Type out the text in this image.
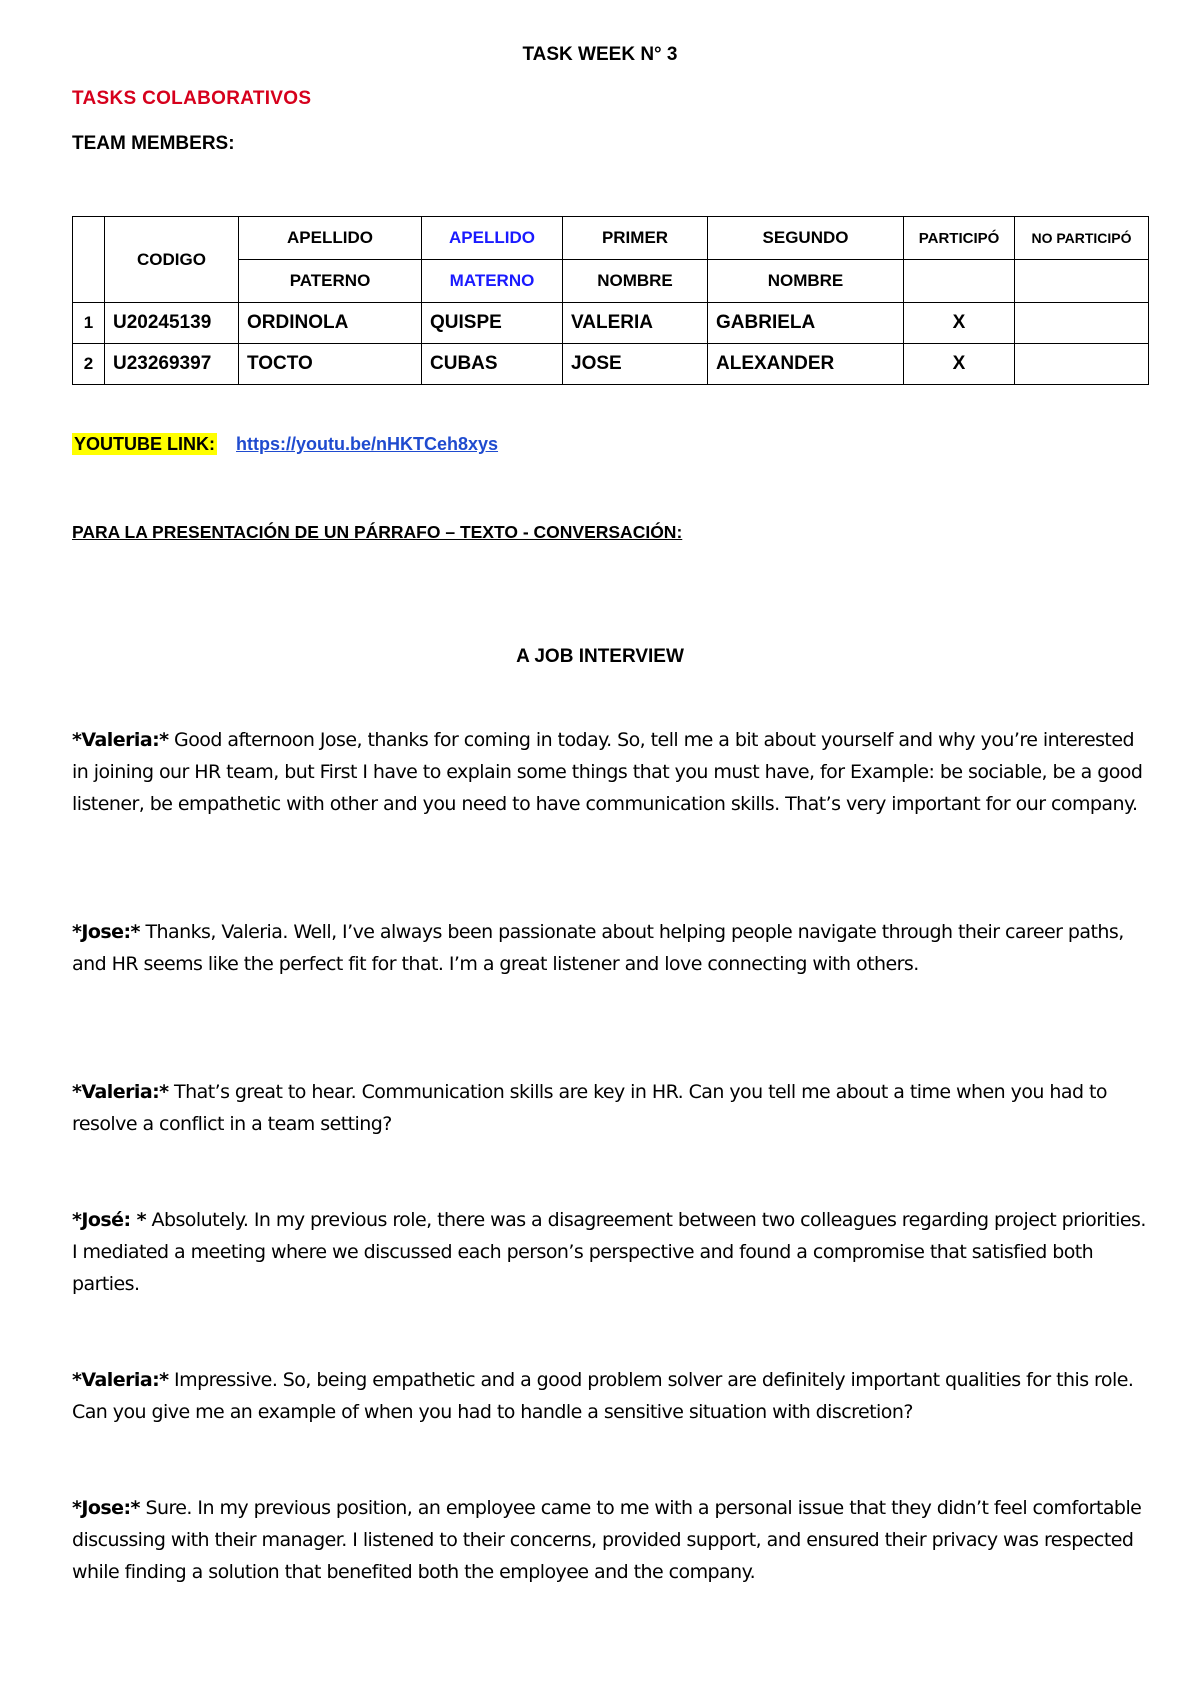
TASK WEEK N° 3
TASKS COLABORATIVOS
TEAM MEMBERS:
	CODIGO	APELLIDO	APELLIDO	PRIMER	SEGUNDO	PARTICIPÓ	NO PARTICIPÓ
		PATERNO	MATERNO	NOMBRE	NOMBRE		
1	U20245139	ORDINOLA	QUISPE	VALERIA	GABRIELA	X	
2	U23269397	TOCTO	CUBAS	JOSE	ALEXANDER	X	
YOUTUBE LINK: https://youtu.be/nHKTCeh8xys
PARA LA PRESENTACIÓN DE UN PÁRRAFO – TEXTO - CONVERSACIÓN:
A JOB INTERVIEW
*Valeria:* Good afternoon Jose, thanks for coming in today. So, tell me a bit about yourself and why you’re interested in joining our HR team, but First I have to explain some things that you must have, for Example: be sociable, be a good listener, be empathetic with other and you need to have communication skills. That’s very important for our company.
*Jose:* Thanks, Valeria. Well, I’ve always been passionate about helping people navigate through their career paths, and HR seems like the perfect fit for that. I’m a great listener and love connecting with others.
*Valeria:* That’s great to hear. Communication skills are key in HR. Can you tell me about a time when you had to resolve a conflict in a team setting?
*José: * Absolutely. In my previous role, there was a disagreement between two colleagues regarding project priorities. I mediated a meeting where we discussed each person’s perspective and found a compromise that satisfied both parties.
*Valeria:* Impressive. So, being empathetic and a good problem solver are definitely important qualities for this role. Can you give me an example of when you had to handle a sensitive situation with discretion?
*Jose:* Sure. In my previous position, an employee came to me with a personal issue that they didn’t feel comfortable discussing with their manager. I listened to their concerns, provided support, and ensured their privacy was respected while finding a solution that benefited both the employee and the company.
